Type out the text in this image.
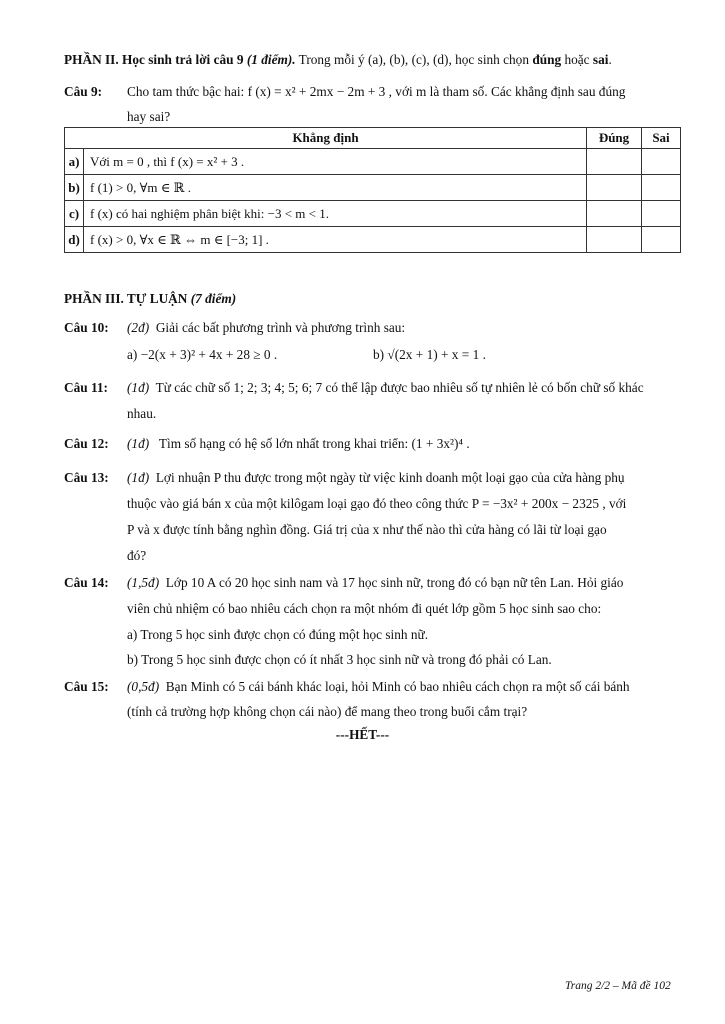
PHẦN II. Học sinh trả lời câu 9 (1 điểm). Trong mỗi ý (a), (b), (c), (d), học sinh chọn đúng hoặc sai.
Câu 9: Cho tam thức bậc hai: f (x) = x² + 2mx − 2m + 3 , với m là tham số. Các khẳng định sau đúng
hay sai?
Khẳng định		Đúng	Sai
a)	Với m = 0 , thì f (x) = x² + 3 .		
b)	f (1) > 0, ∀m ∈ ℝ .		
c)	f (x) có hai nghiệm phân biệt khi: −3 < m < 1.		
d)	f (x) > 0, ∀x ∈ ℝ ⇔ m ∈ [−3; 1] .		
PHẦN III. TỰ LUẬN (7 điểm)
Câu 10: (2đ) Giải các bất phương trình và phương trình sau:
a) −2(x + 3)² + 4x + 28 ≥ 0 .	b) √(2x + 1) + x = 1 .
Câu 11: (1đ) Từ các chữ số 1; 2; 3; 4; 5; 6; 7 có thể lập được bao nhiêu số tự nhiên lẻ có bốn chữ số khác
nhau.
Câu 12: (1đ) Tìm số hạng có hệ số lớn nhất trong khai triển: (1 + 3x²)⁴ .
Câu 13: (1đ) Lợi nhuận P thu được trong một ngày từ việc kinh doanh một loại gạo của cửa hàng phụ
thuộc vào giá bán x của một kilôgam loại gạo đó theo công thức P = −3x² + 200x − 2325 , với
P và x được tính bằng nghìn đồng. Giá trị của x như thế nào thì cửa hàng có lãi từ loại gạo
đó?
Câu 14: (1,5đ) Lớp 10 A có 20 học sinh nam và 17 học sinh nữ, trong đó có bạn nữ tên Lan. Hỏi giáo
viên chủ nhiệm có bao nhiêu cách chọn ra một nhóm đi quét lớp gồm 5 học sinh sao cho:
a) Trong 5 học sinh được chọn có đúng một học sinh nữ.
b) Trong 5 học sinh được chọn có ít nhất 3 học sinh nữ và trong đó phải có Lan.
Câu 15: (0,5đ) Bạn Minh có 5 cái bánh khác loại, hỏi Minh có bao nhiêu cách chọn ra một số cái bánh
(tính cả trường hợp không chọn cái nào) để mang theo trong buổi cắm trại?
---HẾT---
Trang 2/2 – Mã đề 102
